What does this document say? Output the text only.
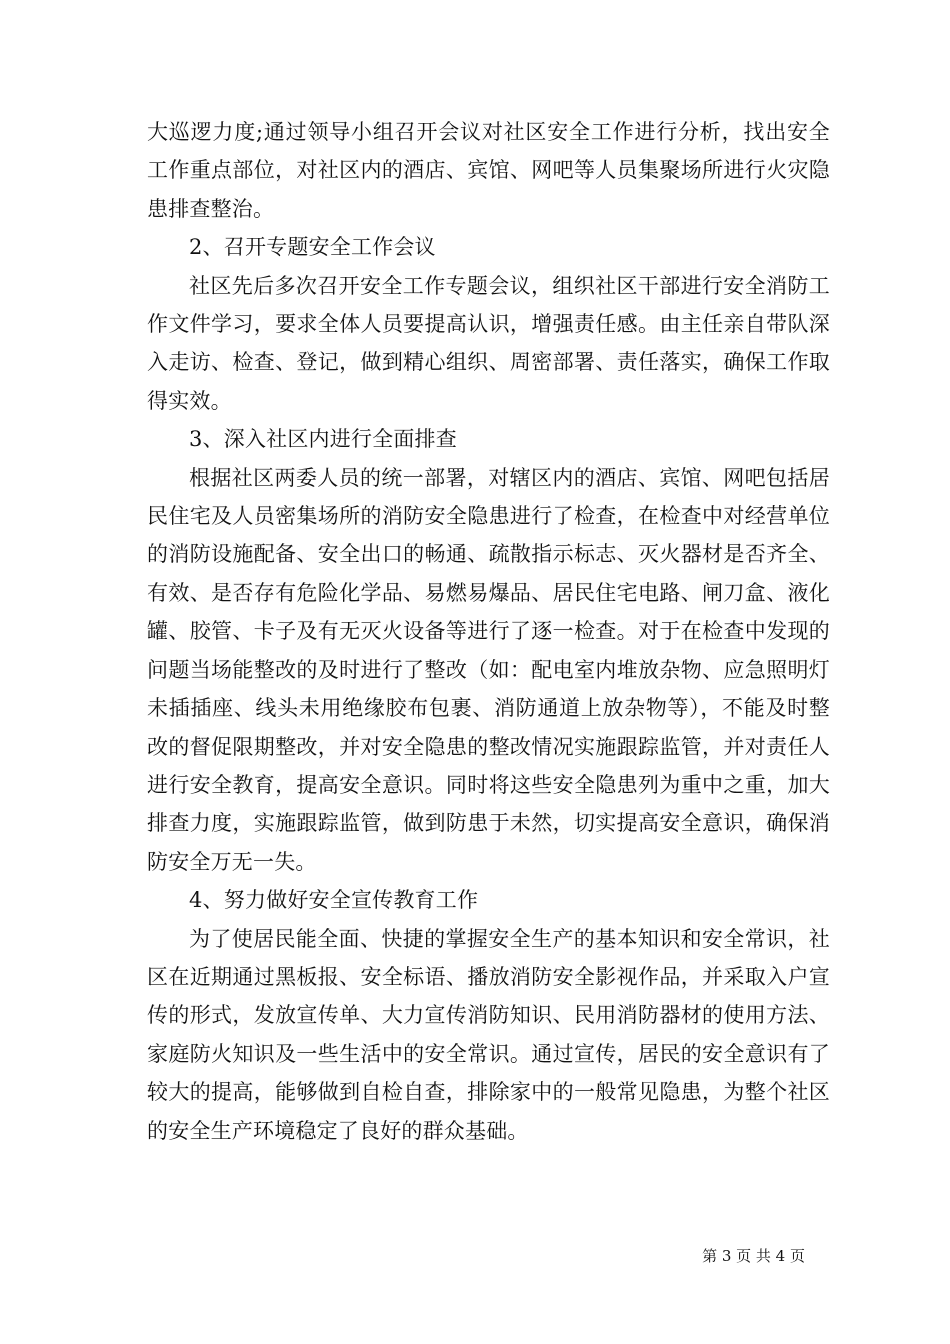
大巡逻力度;通过领导小组召开会议对社区安全工作进行分析，找出安全工作重点部位，对社区内的酒店、宾馆、网吧等人员集聚场所进行火灾隐患排查整治。

2、召开专题安全工作会议

社区先后多次召开安全工作专题会议，组织社区干部进行安全消防工作文件学习，要求全体人员要提高认识，增强责任感。由主任亲自带队深入走访、检查、登记，做到精心组织、周密部署、责任落实，确保工作取得实效。

3、深入社区内进行全面排查

根据社区两委人员的统一部署，对辖区内的酒店、宾馆、网吧包括居民住宅及人员密集场所的消防安全隐患进行了检查，在检查中对经营单位的消防设施配备、安全出口的畅通、疏散指示标志、灭火器材是否齐全、有效、是否存有危险化学品、易燃易爆品、居民住宅电路、闸刀盒、液化罐、胶管、卡子及有无灭火设备等进行了逐一检查。对于在检查中发现的问题当场能整改的及时进行了整改（如：配电室内堆放杂物、应急照明灯未插插座、线头未用绝缘胶布包裹、消防通道上放杂物等），不能及时整改的督促限期整改，并对安全隐患的整改情况实施跟踪监管，并对责任人进行安全教育，提高安全意识。同时将这些安全隐患列为重中之重，加大排查力度，实施跟踪监管，做到防患于未然，切实提高安全意识，确保消防安全万无一失。

4、努力做好安全宣传教育工作

为了使居民能全面、快捷的掌握安全生产的基本知识和安全常识，社区在近期通过黑板报、安全标语、播放消防安全影视作品，并采取入户宣传的形式，发放宣传单、大力宣传消防知识、民用消防器材的使用方法、家庭防火知识及一些生活中的安全常识。通过宣传，居民的安全意识有了较大的提高，能够做到自检自查，排除家中的一般常见隐患，为整个社区的安全生产环境稳定了良好的群众基础。

第 3 页 共 4 页
